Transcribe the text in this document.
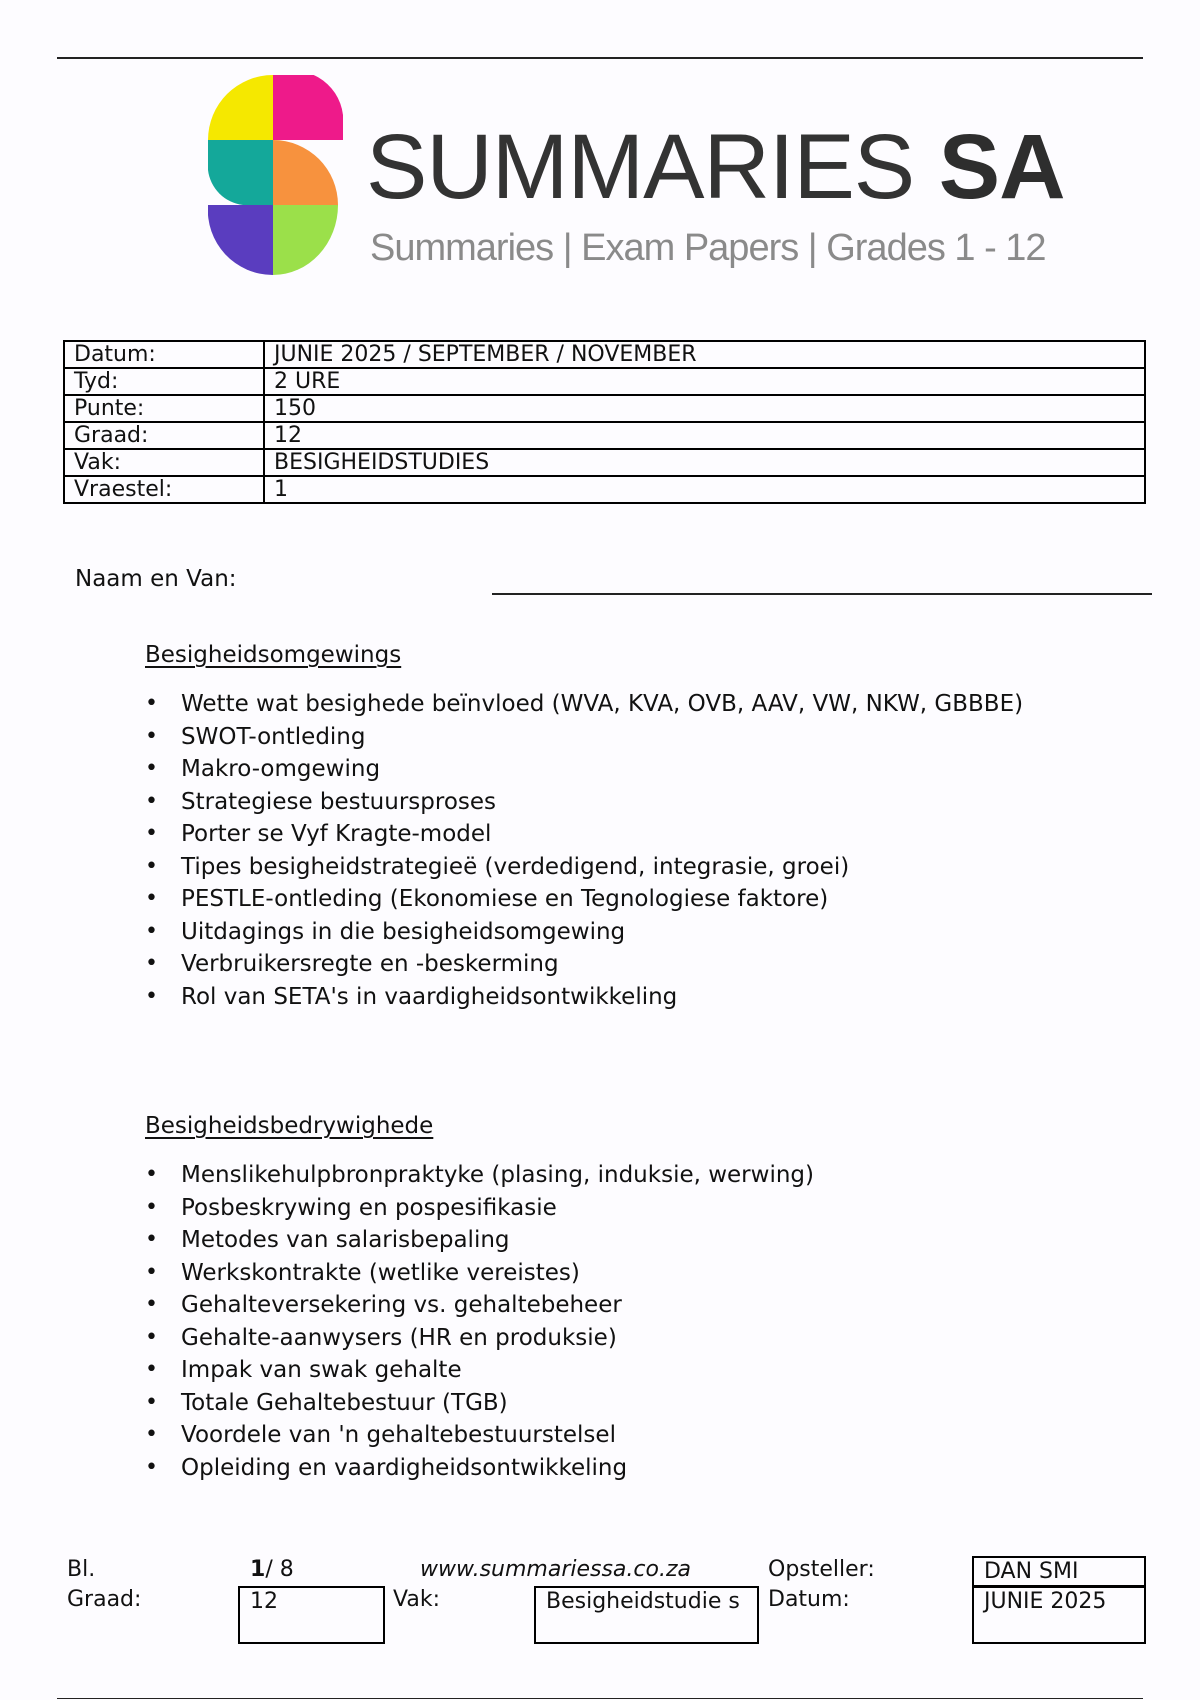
SUMMARIES SA
Summaries | Exam Papers | Grades 1 - 12
Datum:	JUNIE 2025 / SEPTEMBER / NOVEMBER
Tyd:	2 URE
Punte:	150
Graad:	12
Vak:	BESIGHEIDSTUDIES
Vraestel:	1
Naam en Van:
Besigheidsomgewings
• Wette wat besighede beïnvloed (WVA, KVA, OVB, AAV, VW, NKW, GBBBE)
• SWOT-ontleding
• Makro-omgewing
• Strategiese bestuursproses
• Porter se Vyf Kragte-model
• Tipes besigheidstrategieë (verdedigend, integrasie, groei)
• PESTLE-ontleding (Ekonomiese en Tegnologiese faktore)
• Uitdagings in die besigheidsomgewing
• Verbruikersregte en -beskerming
• Rol van SETA's in vaardigheidsontwikkeling
Besigheidsbedrywighede
• Menslikehulpbronpraktyke (plasing, induksie, werwing)
• Posbeskrywing en pospesifikasie
• Metodes van salarisbepaling
• Werkskontrakte (wetlike vereistes)
• Gehalteversekering vs. gehaltebeheer
• Gehalte-aanwysers (HR en produksie)
• Impak van swak gehalte
• Totale Gehaltebestuur (TGB)
• Voordele van 'n gehaltebestuurstelsel
• Opleiding en vaardigheidsontwikkeling
Bl.	1/ 8	www.summariessa.co.za	Opsteller:	DAN SMI
Graad:	12	Vak:	Besigheidstudie s	Datum:	JUNIE 2025
